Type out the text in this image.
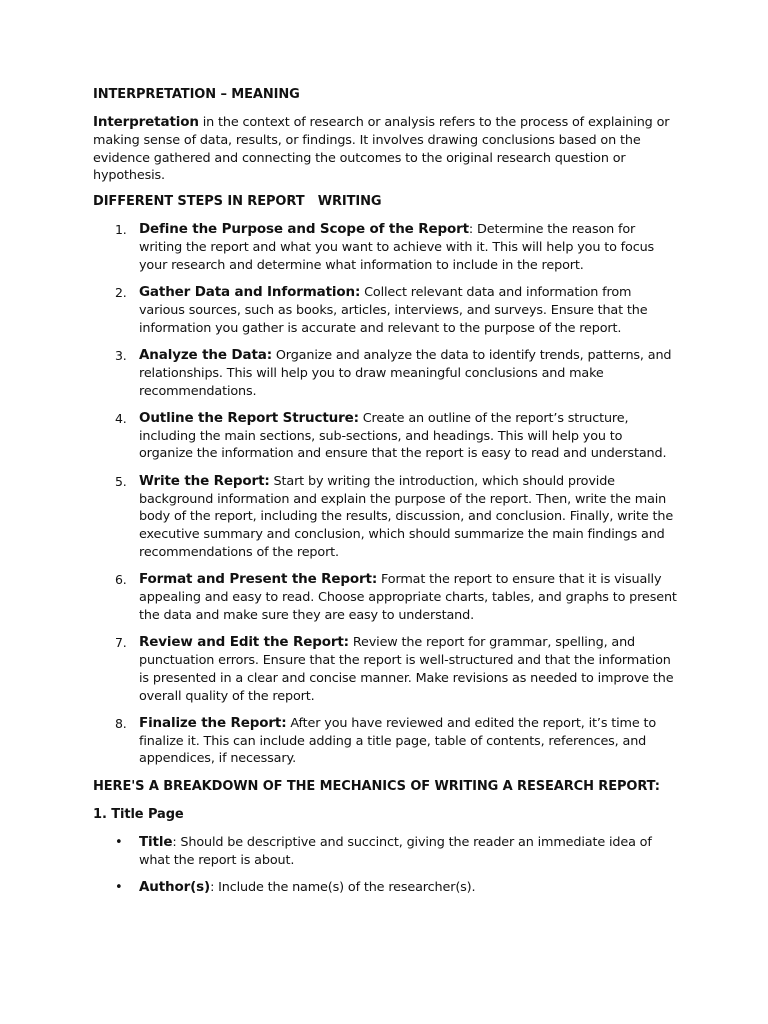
INTERPRETATION – MEANING

Interpretation in the context of research or analysis refers to the process of explaining or making sense of data, results, or findings. It involves drawing conclusions based on the evidence gathered and connecting the outcomes to the original research question or hypothesis.

DIFFERENT STEPS IN REPORT   WRITING
1. Define the Purpose and Scope of the Report: Determine the reason for writing the report and what you want to achieve with it. This will help you to focus your research and determine what information to include in the report.
2. Gather Data and Information: Collect relevant data and information from various sources, such as books, articles, interviews, and surveys. Ensure that the information you gather is accurate and relevant to the purpose of the report.
3. Analyze the Data: Organize and analyze the data to identify trends, patterns, and relationships. This will help you to draw meaningful conclusions and make recommendations.
4. Outline the Report Structure: Create an outline of the report’s structure, including the main sections, sub-sections, and headings. This will help you to organize the information and ensure that the report is easy to read and understand.
5. Write the Report: Start by writing the introduction, which should provide background information and explain the purpose of the report. Then, write the main body of the report, including the results, discussion, and conclusion. Finally, write the executive summary and conclusion, which should summarize the main findings and recommendations of the report.
6. Format and Present the Report: Format the report to ensure that it is visually appealing and easy to read. Choose appropriate charts, tables, and graphs to present the data and make sure they are easy to understand.
7. Review and Edit the Report: Review the report for grammar, spelling, and punctuation errors. Ensure that the report is well-structured and that the information is presented in a clear and concise manner. Make revisions as needed to improve the overall quality of the report.
8. Finalize the Report: After you have reviewed and edited the report, it’s time to finalize it. This can include adding a title page, table of contents, references, and appendices, if necessary.
HERE'S A BREAKDOWN OF THE MECHANICS OF WRITING A RESEARCH REPORT:
1. Title Page
• Title: Should be descriptive and succinct, giving the reader an immediate idea of what the report is about.
• Author(s): Include the name(s) of the researcher(s).
